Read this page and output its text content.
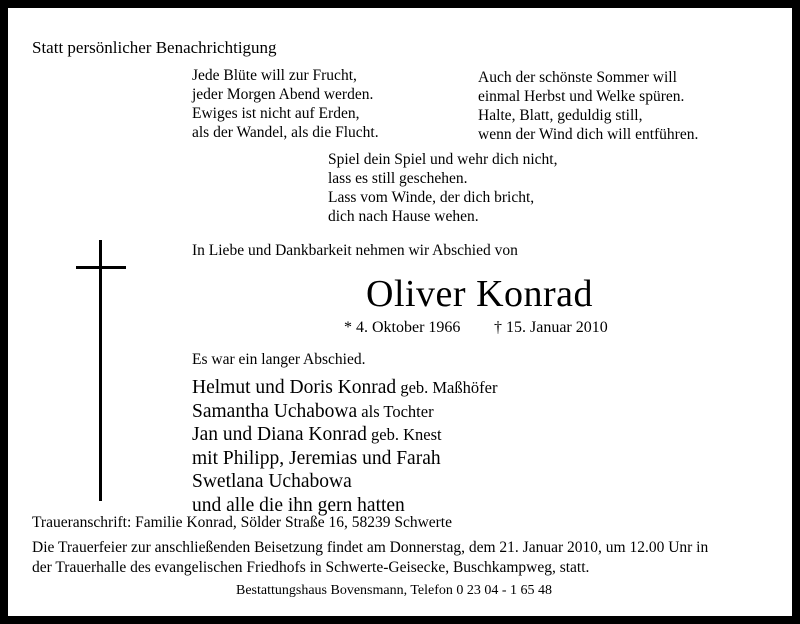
Statt persönlicher Benachrichtigung
Jede Blüte will zur Frucht,
jeder Morgen Abend werden.
Ewiges ist nicht auf Erden,
als der Wandel, als die Flucht.
Auch der schönste Sommer will
einmal Herbst und Welke spüren.
Halte, Blatt, geduldig still,
wenn der Wind dich will entführen.
Spiel dein Spiel und wehr dich nicht,
lass es still geschehen.
Lass vom Winde, der dich bricht,
dich nach Hause wehen.
In Liebe und Dankbarkeit nehmen wir Abschied von
Oliver Konrad
* 4. Oktober 1966 † 15. Januar 2010
Es war ein langer Abschied.
Helmut und Doris Konrad geb. Maßhöfer
Samantha Uchabowa als Tochter
Jan und Diana Konrad geb. Knest
mit Philipp, Jeremias und Farah
Swetlana Uchabowa
und alle die ihn gern hatten
Traueranschrift: Familie Konrad, Sölder Straße 16, 58239 Schwerte
Die Trauerfeier zur anschließenden Beisetzung findet am Donnerstag, dem 21. Januar 2010, um 12.00 Unr in
der Trauerhalle des evangelischen Friedhofs in Schwerte-Geisecke, Buschkampweg, statt.
Bestattungshaus Bovensmann, Telefon 0 23 04 - 1 65 48
